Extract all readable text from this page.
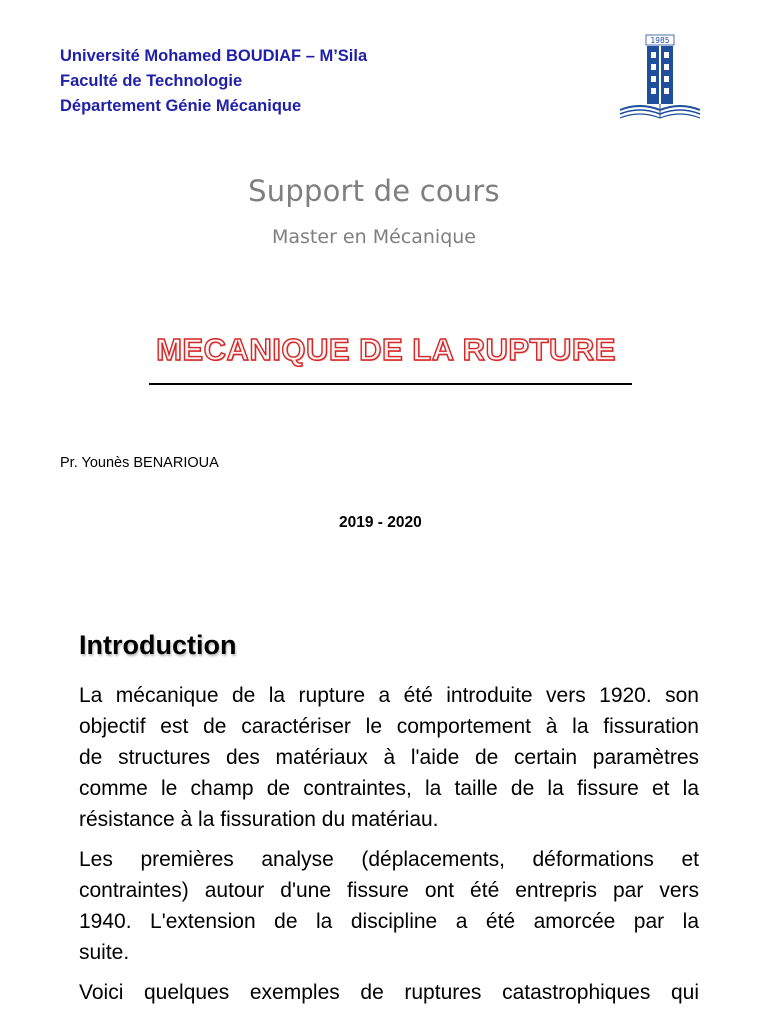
Université Mohamed BOUDIAF – M’Sila
Faculté de Technologie
Département Génie Mécanique
1985
Support de cours
Master en Mécanique
MECANIQUE DE LA RUPTURE
Pr. Younès BENARIOUA
2019 - 2020
Introduction
La mécanique de la rupture a été introduite vers 1920. son
objectif est de caractériser le comportement à la fissuration
de structures des matériaux à l'aide de certain paramètres
comme le champ de contraintes, la taille de la fissure et la
résistance à la fissuration du matériau.
Les premières analyse (déplacements, déformations et
contraintes) autour d'une fissure ont été entrepris par vers
1940. L'extension de la discipline a été amorcée par la
suite.
Voici quelques exemples de ruptures catastrophiques qui
